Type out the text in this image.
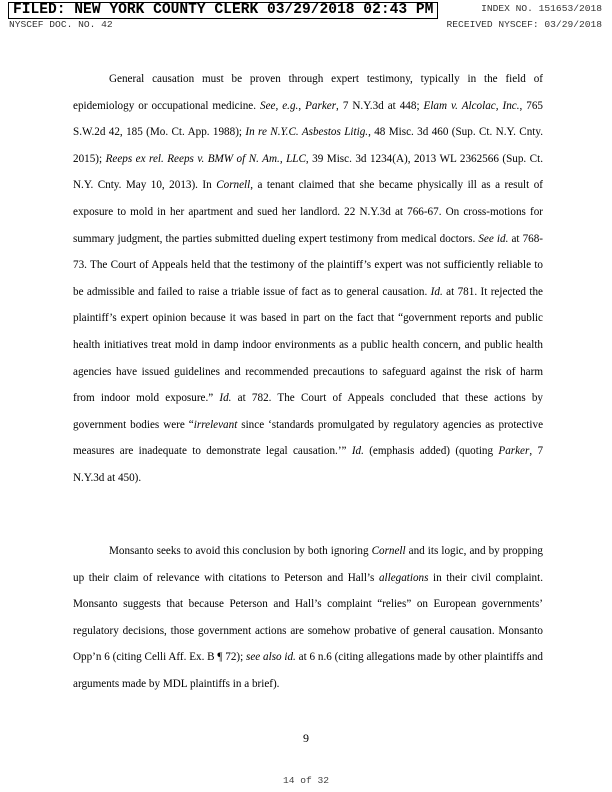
FILED: NEW YORK COUNTY CLERK 03/29/2018 02:43 PM	INDEX NO. 151653/2018
NYSCEF DOC. NO. 42	RECEIVED NYSCEF: 03/29/2018

General causation must be proven through expert testimony, typically in the field of epidemiology or occupational medicine. See, e.g., Parker, 7 N.Y.3d at 448; Elam v. Alcolac, Inc., 765 S.W.2d 42, 185 (Mo. Ct. App. 1988); In re N.Y.C. Asbestos Litig., 48 Misc. 3d 460 (Sup. Ct. N.Y. Cnty. 2015); Reeps ex rel. Reeps v. BMW of N. Am., LLC, 39 Misc. 3d 1234(A), 2013 WL 2362566 (Sup. Ct. N.Y. Cnty. May 10, 2013). In Cornell, a tenant claimed that she became physically ill as a result of exposure to mold in her apartment and sued her landlord. 22 N.Y.3d at 766-67. On cross-motions for summary judgment, the parties submitted dueling expert testimony from medical doctors. See id. at 768-73. The Court of Appeals held that the testimony of the plaintiff’s expert was not sufficiently reliable to be admissible and failed to raise a triable issue of fact as to general causation. Id. at 781. It rejected the plaintiff’s expert opinion because it was based in part on the fact that “government reports and public health initiatives treat mold in damp indoor environments as a public health concern, and public health agencies have issued guidelines and recommended precautions to safeguard against the risk of harm from indoor mold exposure.” Id. at 782. The Court of Appeals concluded that these actions by government bodies were “irrelevant since ‘standards promulgated by regulatory agencies as protective measures are inadequate to demonstrate legal causation.’” Id. (emphasis added) (quoting Parker, 7 N.Y.3d at 450).

Monsanto seeks to avoid this conclusion by both ignoring Cornell and its logic, and by propping up their claim of relevance with citations to Peterson and Hall’s allegations in their civil complaint. Monsanto suggests that because Peterson and Hall’s complaint “relies” on European governments’ regulatory decisions, those government actions are somehow probative of general causation. Monsanto Opp’n 6 (citing Celli Aff. Ex. B ¶ 72); see also id. at 6 n.6 (citing allegations made by other plaintiffs and arguments made by MDL plaintiffs in a brief).

9
14 of 32
